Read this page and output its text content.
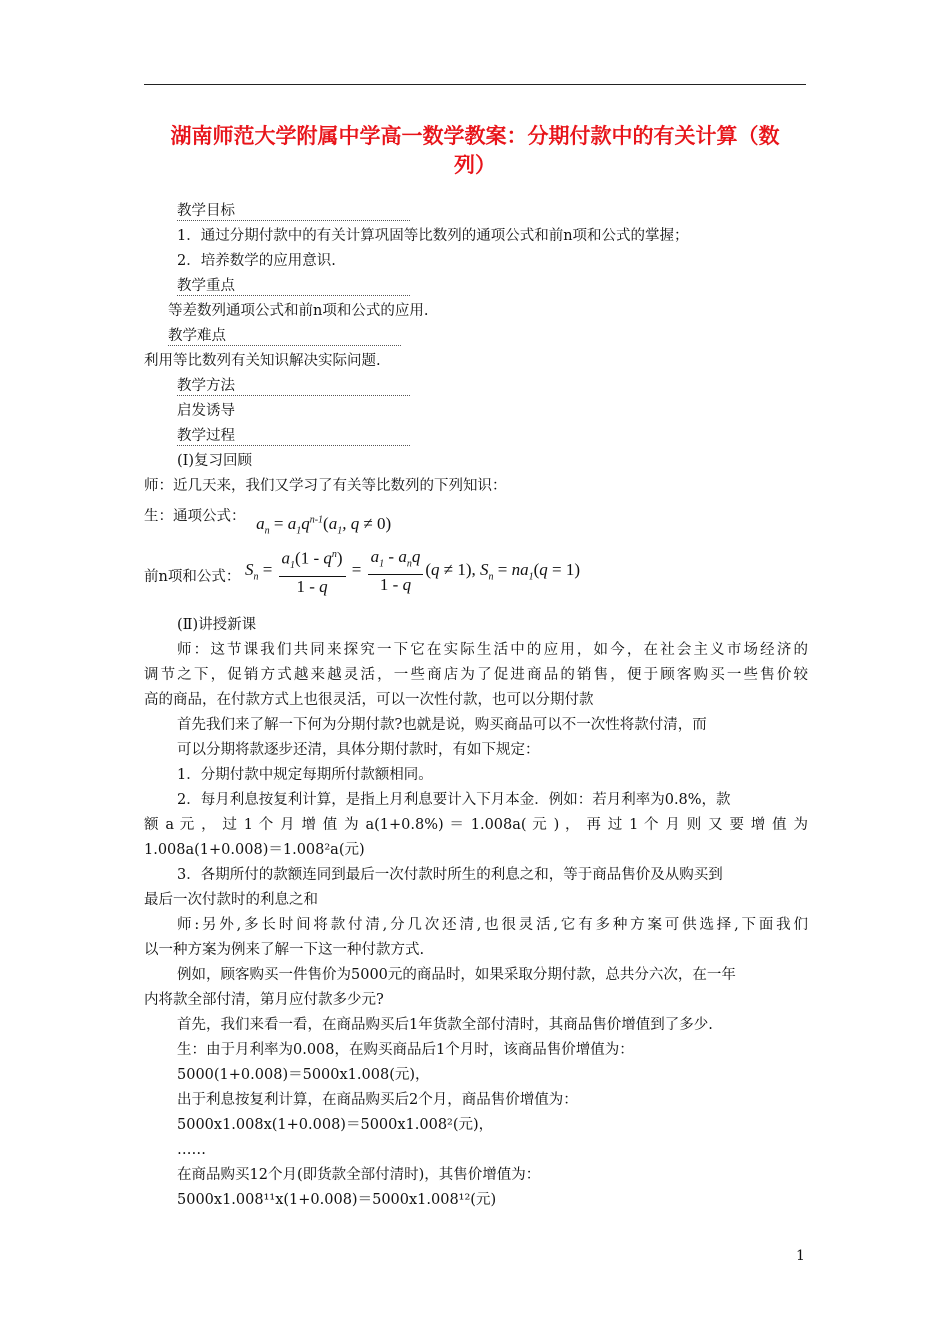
湖南师范大学附属中学高一数学教案：分期付款中的有关计算（数
列）
教学目标
1．通过分期付款中的有关计算巩固等比数列的通项公式和前n项和公式的掌握；
2．培养数学的应用意识.
教学重点
等差数列通项公式和前n项和公式的应用.
教学难点
利用等比数列有关知识解决实际问题.
教学方法
启发诱导
教学过程
(Ⅰ)复习回顾
师：近几天来，我们又学习了有关等比数列的下列知识：
生：通项公式： $a_n = a_1q^{n-1}(a_1$, q ≠ 0)
前n项和公式： $S_n = \frac{a_1(1 - q^n)}{1 - q} = \frac{a_1 - a_nq}{1 - q} (q \ne 1)$, $S_n = na_1(q = 1)$
(Ⅱ)讲授新课
师：这节课我们共同来探究一下它在实际生活中的应用，如今，在社会主义市场经济的
调节之下，促销方式越来越灵活，一些商店为了促进商品的销售，便于顾客购买一些售价较
高的商品，在付款方式上也很灵活，可以一次性付款，也可以分期付款
首先我们来了解一下何为分期付款?也就是说，购买商品可以不一次性将款付清，而
可以分期将款逐步还清，具体分期付款时，有如下规定：
1．分期付款中规定每期所付款额相同。
2．每月利息按复利计算，是指上月利息要计入下月本金．例如：若月利率为0.8%，款
额 a 元 ， 过 1 个 月 增 值 为 a(1+0.8%) ＝ 1.008a( 元 ) ， 再 过 1 个 月 则 又 要 增 值 为
1.008a(1+0.008)＝1.008²a(元)
3．各期所付的款额连同到最后一次付款时所生的利息之和，等于商品售价及从购买到
最后一次付款时的利息之和
师:另外,多长时间将款付清,分几次还清,也很灵活,它有多种方案可供选择,下面我们
以一种方案为例来了解一下这一种付款方式.
例如，顾客购买一件售价为5000元的商品时，如果采取分期付款，总共分六次，在一年
内将款全部付清，第月应付款多少元?
首先，我们来看一看，在商品购买后1年货款全部付清时，其商品售价增值到了多少.
生：由于月利率为0.008，在购买商品后1个月时，该商品售价增值为：
5000(1+0.008)＝5000x1.008(元)，
出于利息按复利计算，在商品购买后2个月，商品售价增值为：
5000x1.008x(1+0.008)＝5000x1.008²(元)，
……
在商品购买12个月(即货款全部付清时)，其售价增值为：
5000x1.008¹¹x(1+0.008)＝5000x1.008¹²(元)
1
